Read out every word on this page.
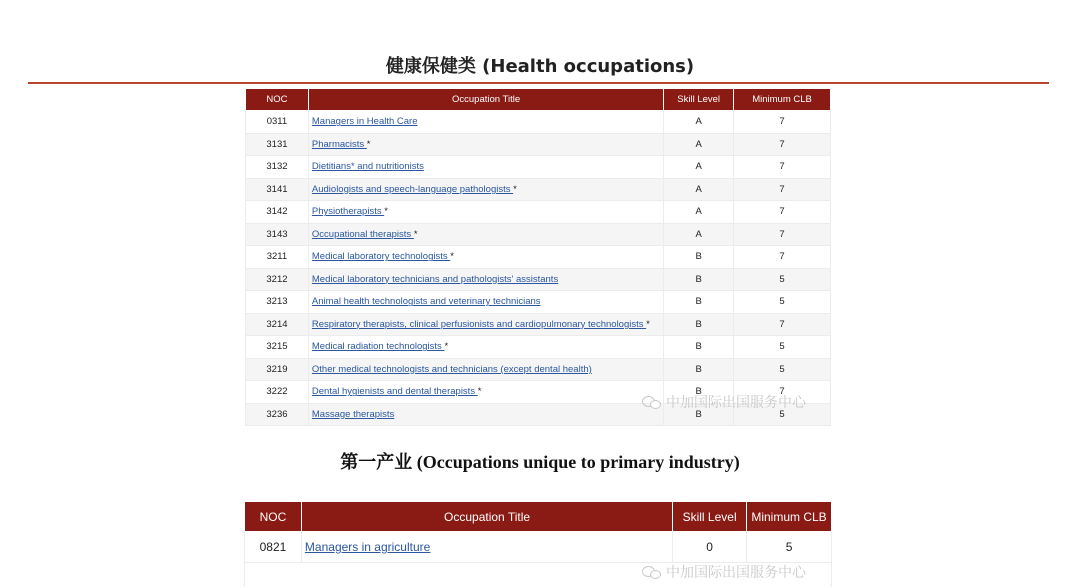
健康保健类 (Health occupations)
NOC	Occupation Title	Skill Level	Minimum CLB
0311	Managers in Health Care	A	7
3131	Pharmacists *	A	7
3132	Dietitians* and nutritionists	A	7
3141	Audiologists and speech-language pathologists *	A	7
3142	Physiotherapists *	A	7
3143	Occupational therapists *	A	7
3211	Medical laboratory technologists *	B	7
3212	Medical laboratory technicians and pathologists' assistants	B	5
3213	Animal health technologists and veterinary technicians	B	5
3214	Respiratory therapists, clinical perfusionists and cardiopulmonary technologists *	B	7
3215	Medical radiation technologists *	B	5
3219	Other medical technologists and technicians (except dental health)	B	5
3222	Dental hygienists and dental therapists *	B	7
3236	Massage therapists	B	5
中加国际出国服务中心
第一产业 (Occupations unique to primary industry)
NOC	Occupation Title	Skill Level	Minimum CLB
0821	Managers in agriculture	0	5

中加国际出国服务中心
